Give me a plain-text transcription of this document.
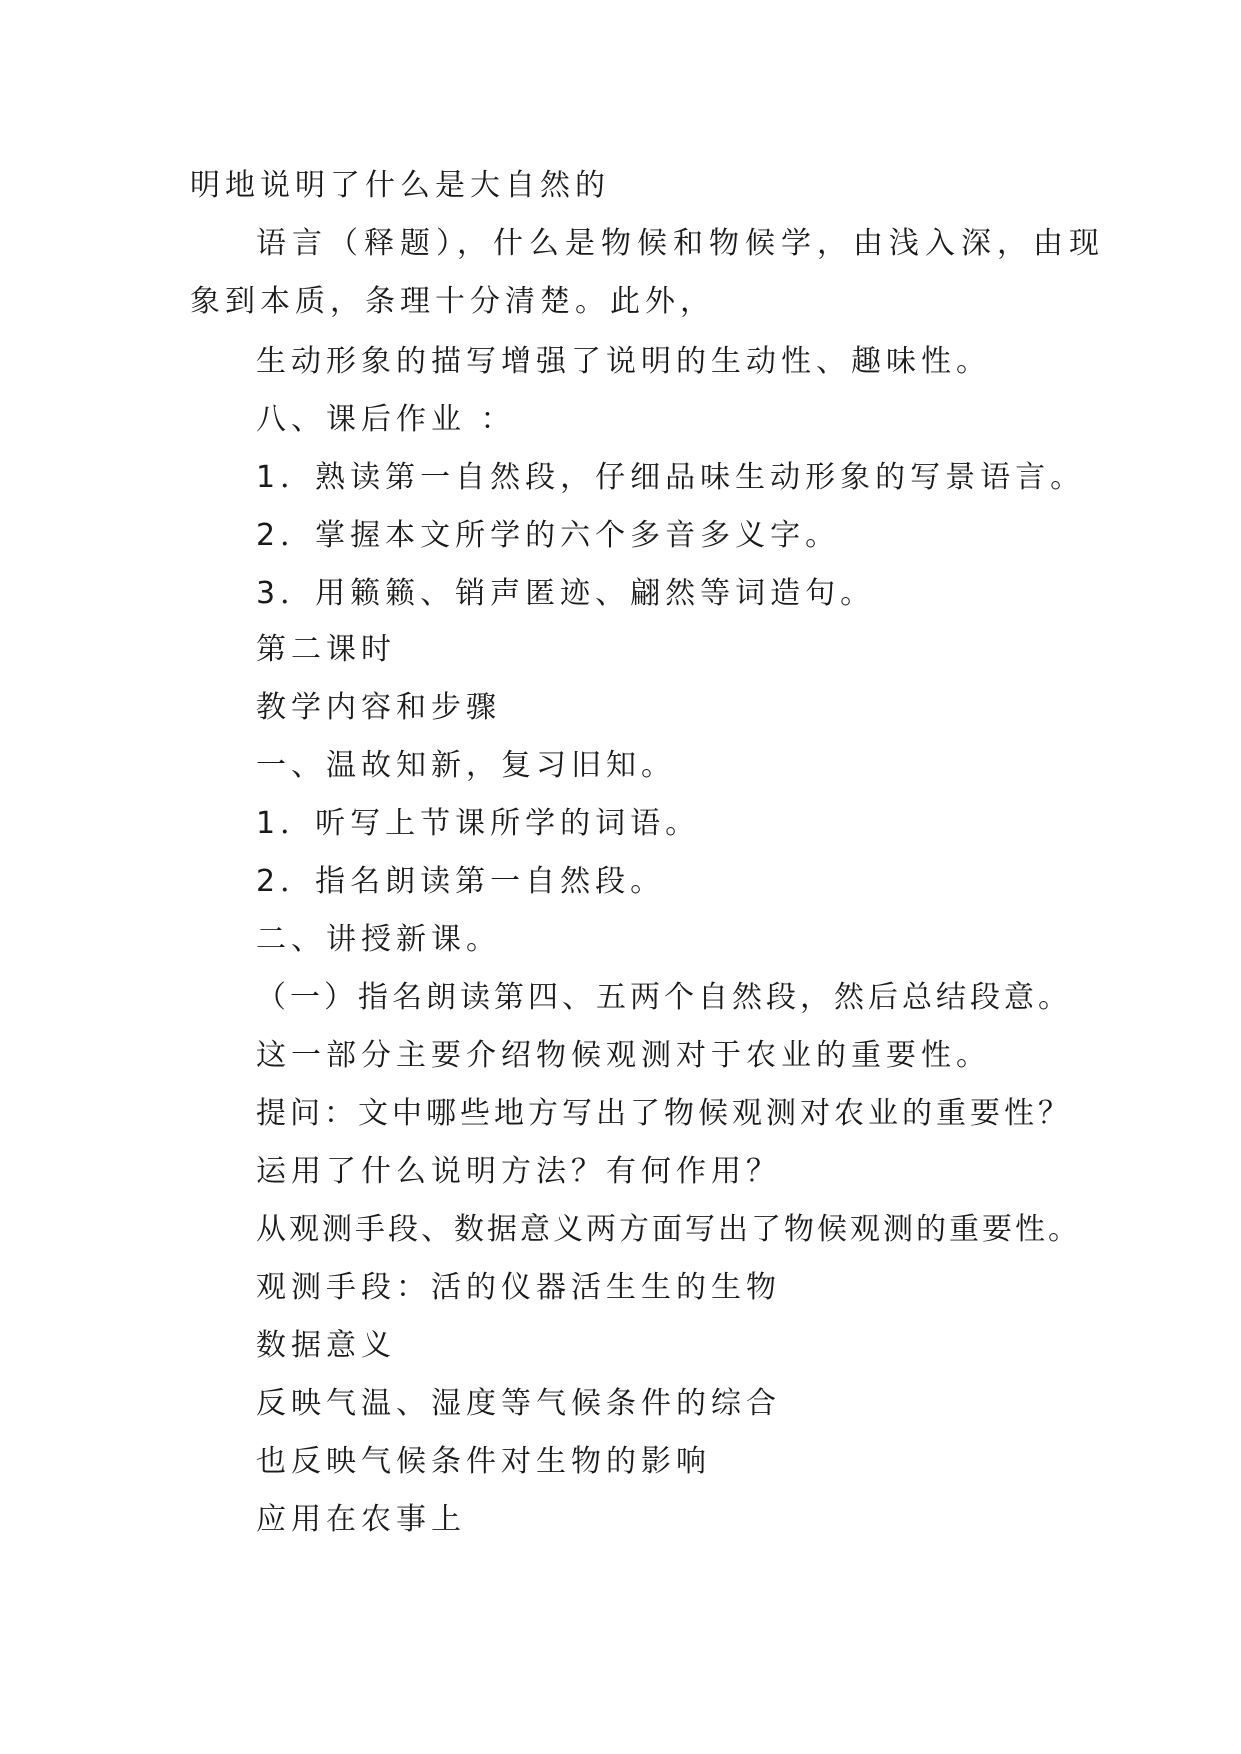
明地说明了什么是大自然的
语言（释题），什么是物候和物候学，由浅入深，由现
象到本质，条理十分清楚。此外，
生动形象的描写增强了说明的生动性、趣味性。
八、课后作业 ：
1．熟读第一自然段，仔细品味生动形象的写景语言。
2．掌握本文所学的六个多音多义字。
3．用籁籁、销声匿迹、翩然等词造句。
第二课时
教学内容和步骤
一、温故知新，复习旧知。
1．听写上节课所学的词语。
2．指名朗读第一自然段。
二、讲授新课。
（一）指名朗读第四、五两个自然段，然后总结段意。
这一部分主要介绍物候观测对于农业的重要性。
提问：文中哪些地方写出了物候观测对农业的重要性？
运用了什么说明方法？有何作用？
从观测手段、数据意义两方面写出了物候观测的重要性。
观测手段：活的仪器活生生的生物
数据意义
反映气温、湿度等气候条件的综合
也反映气候条件对生物的影响
应用在农事上
